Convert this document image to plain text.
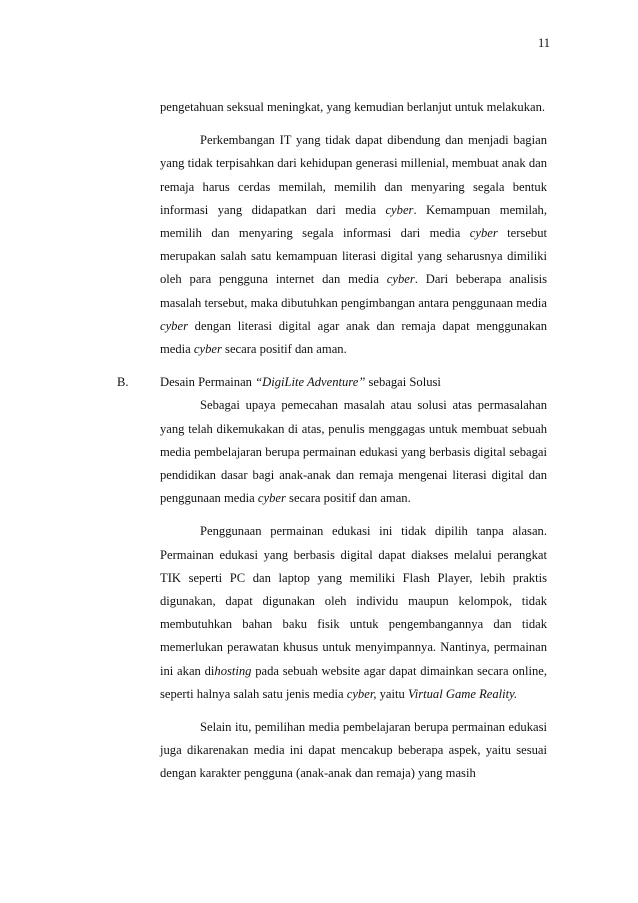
11

pengetahuan seksual meningkat, yang kemudian berlanjut untuk melakukan.

Perkembangan IT yang tidak dapat dibendung dan menjadi bagian yang tidak terpisahkan dari kehidupan generasi millenial, membuat anak dan remaja harus cerdas memilah, memilih dan menyaring segala bentuk informasi yang didapatkan dari media cyber. Kemampuan memilah, memilih dan menyaring segala informasi dari media cyber tersebut merupakan salah satu kemampuan literasi digital yang seharusnya dimiliki oleh para pengguna internet dan media cyber. Dari beberapa analisis masalah tersebut, maka dibutuhkan pengimbangan antara penggunaan media cyber dengan literasi digital agar anak dan remaja dapat menggunakan media cyber secara positif dan aman.

B. Desain Permainan “DigiLite Adventure” sebagai Solusi

Sebagai upaya pemecahan masalah atau solusi atas permasalahan yang telah dikemukakan di atas, penulis menggagas untuk membuat sebuah media pembelajaran berupa permainan edukasi yang berbasis digital sebagai pendidikan dasar bagi anak-anak dan remaja mengenai literasi digital dan penggunaan media cyber secara positif dan aman.

Penggunaan permainan edukasi ini tidak dipilih tanpa alasan. Permainan edukasi yang berbasis digital dapat diakses melalui perangkat TIK seperti PC dan laptop yang memiliki Flash Player, lebih praktis digunakan, dapat digunakan oleh individu maupun kelompok, tidak membutuhkan bahan baku fisik untuk pengembangannya dan tidak memerlukan perawatan khusus untuk menyimpannya. Nantinya, permainan ini akan dihosting pada sebuah website agar dapat dimainkan secara online, seperti halnya salah satu jenis media cyber, yaitu Virtual Game Reality.

Selain itu, pemilihan media pembelajaran berupa permainan edukasi juga dikarenakan media ini dapat mencakup beberapa aspek, yaitu sesuai dengan karakter pengguna (anak-anak dan remaja) yang masih
